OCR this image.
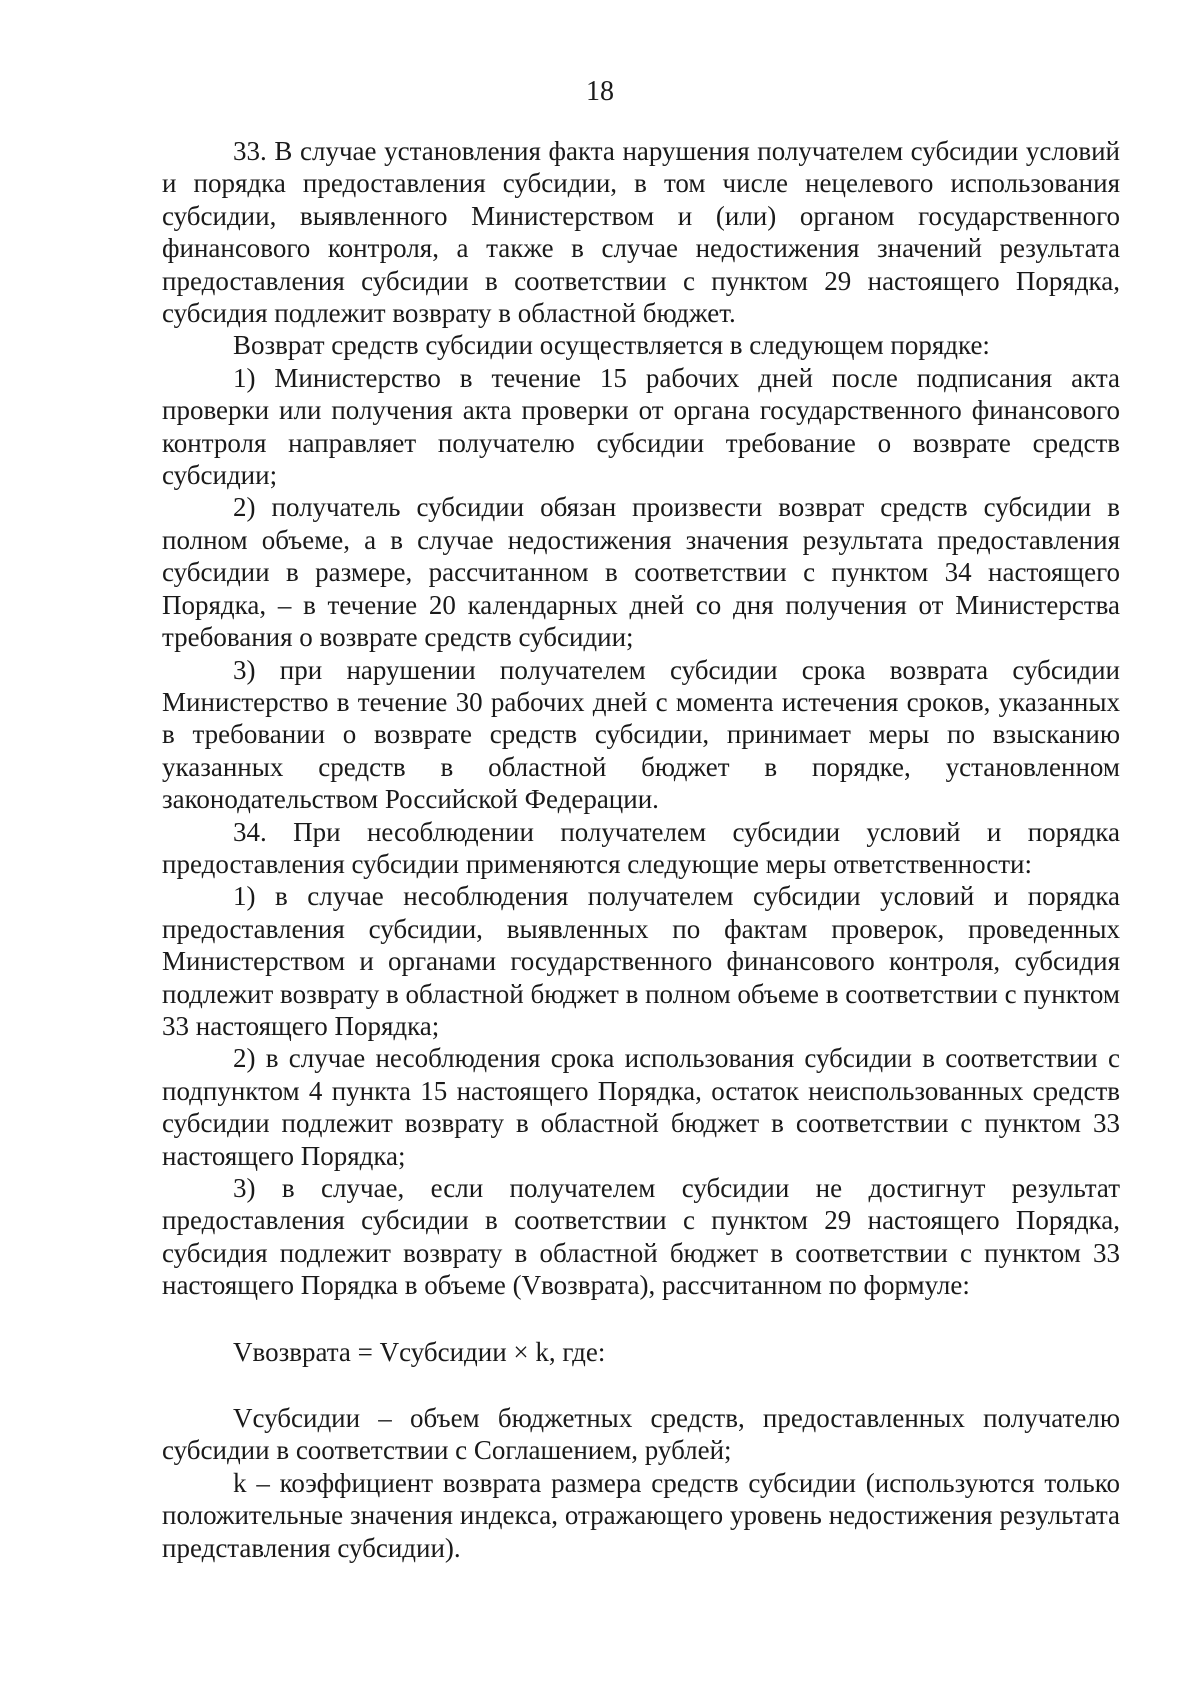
18

33. В случае установления факта нарушения получателем субсидии условий и порядка предоставления субсидии, в том числе нецелевого использования субсидии, выявленного Министерством и (или) органом государственного финансового контроля, а также в случае недостижения значений результата предоставления субсидии в соответствии с пунктом 29 настоящего Порядка, субсидия подлежит возврату в областной бюджет.

Возврат средств субсидии осуществляется в следующем порядке:

1) Министерство в течение 15 рабочих дней после подписания акта проверки или получения акта проверки от органа государственного финансового контроля направляет получателю субсидии требование о возврате средств субсидии;

2) получатель субсидии обязан произвести возврат средств субсидии в полном объеме, а в случае недостижения значения результата предоставления субсидии в размере, рассчитанном в соответствии с пунктом 34 настоящего Порядка, – в течение 20 календарных дней со дня получения от Министерства требования о возврате средств субсидии;

3) при нарушении получателем субсидии срока возврата субсидии Министерство в течение 30 рабочих дней с момента истечения сроков, указанных в требовании о возврате средств субсидии, принимает меры по взысканию указанных средств в областной бюджет в порядке, установленном законодательством Российской Федерации.

34. При несоблюдении получателем субсидии условий и порядка предоставления субсидии применяются следующие меры ответственности:

1) в случае несоблюдения получателем субсидии условий и порядка предоставления субсидии, выявленных по фактам проверок, проведенных Министерством и органами государственного финансового контроля, субсидия подлежит возврату в областной бюджет в полном объеме в соответствии с пунктом 33 настоящего Порядка;

2) в случае несоблюдения срока использования субсидии в соответствии с подпунктом 4 пункта 15 настоящего Порядка, остаток неиспользованных средств субсидии подлежит возврату в областной бюджет в соответствии с пунктом 33 настоящего Порядка;

3) в случае, если получателем субсидии не достигнут результат предоставления субсидии в соответствии с пунктом 29 настоящего Порядка, субсидия подлежит возврату в областной бюджет в соответствии с пунктом 33 настоящего Порядка в объеме (Vвозврата), рассчитанном по формуле:

Vвозврата = Vсубсидии × k, где:

Vсубсидии – объем бюджетных средств, предоставленных получателю субсидии в соответствии с Соглашением, рублей;

k – коэффициент возврата размера средств субсидии (используются только положительные значения индекса, отражающего уровень недостижения результата представления субсидии).
